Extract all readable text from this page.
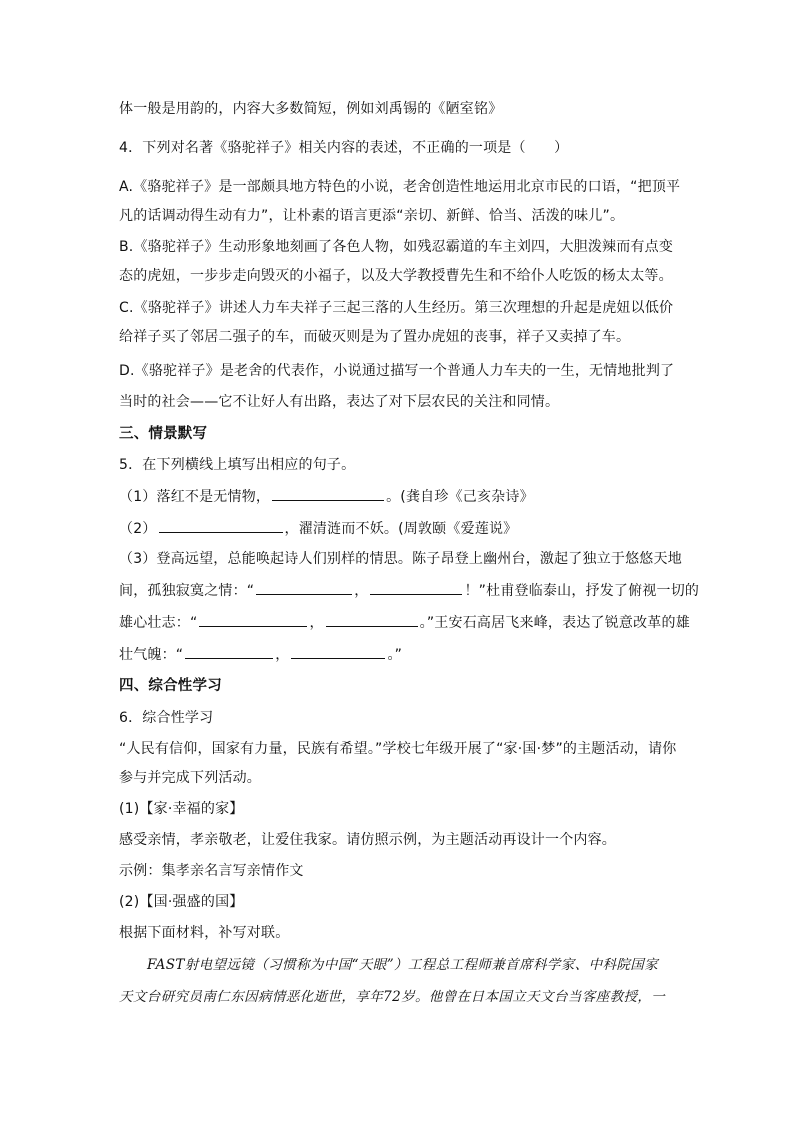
体一般是用韵的，内容大多数简短，例如刘禹锡的《陋室铭》
4．下列对名著《骆驼祥子》相关内容的表述，不正确的一项是（　　）
A.《骆驼祥子》是一部颇具地方特色的小说，老舍创造性地运用北京市民的口语，“把顶平
凡的话调动得生动有力”，让朴素的语言更添“亲切、新鲜、恰当、活泼的味儿”。
B.《骆驼祥子》生动形象地刻画了各色人物，如残忍霸道的车主刘四，大胆泼辣而有点变
态的虎妞，一步步走向毁灭的小福子，以及大学教授曹先生和不给仆人吃饭的杨太太等。
C.《骆驼祥子》讲述人力车夫祥子三起三落的人生经历。第三次理想的升起是虎妞以低价
给祥子买了邻居二强子的车，而破灭则是为了置办虎妞的丧事，祥子又卖掉了车。
D.《骆驼祥子》是老舍的代表作，小说通过描写一个普通人力车夫的一生，无情地批判了
当时的社会——它不让好人有出路，表达了对下层农民的关注和同情。
三、情景默写
5．在下列横线上填写出相应的句子。
（1）落红不是无情物，	。(龚自珍《己亥杂诗》
（2）	，濯清涟而不妖。(周敦颐《爱莲说》
（3）登高远望，总能唤起诗人们别样的情思。陈子昂登上幽州台，激起了独立于悠悠天地
间，孤独寂寞之情：“	，	！”杜甫登临泰山，抒发了俯视一切的
雄心壮志：“	，	。”王安石高居飞来峰，表达了锐意改革的雄
壮气魄：“	，	。”
四、综合性学习
6．综合性学习
“人民有信仰，国家有力量，民族有希望。”学校七年级开展了“家·国·梦”的主题活动，请你
参与并完成下列活动。
(1)【家·幸福的家】
感受亲情，孝亲敬老，让爱住我家。请仿照示例，为主题活动再设计一个内容。
示例：集孝亲名言写亲情作文
(2)【国·强盛的国】
根据下面材料，补写对联。
FAST射电望远镜（习惯称为中国“天眼”）工程总工程师兼首席科学家、中科院国家
天文台研究员南仁东因病情恶化逝世，享年72岁。他曾在日本国立天文台当客座教授，一
